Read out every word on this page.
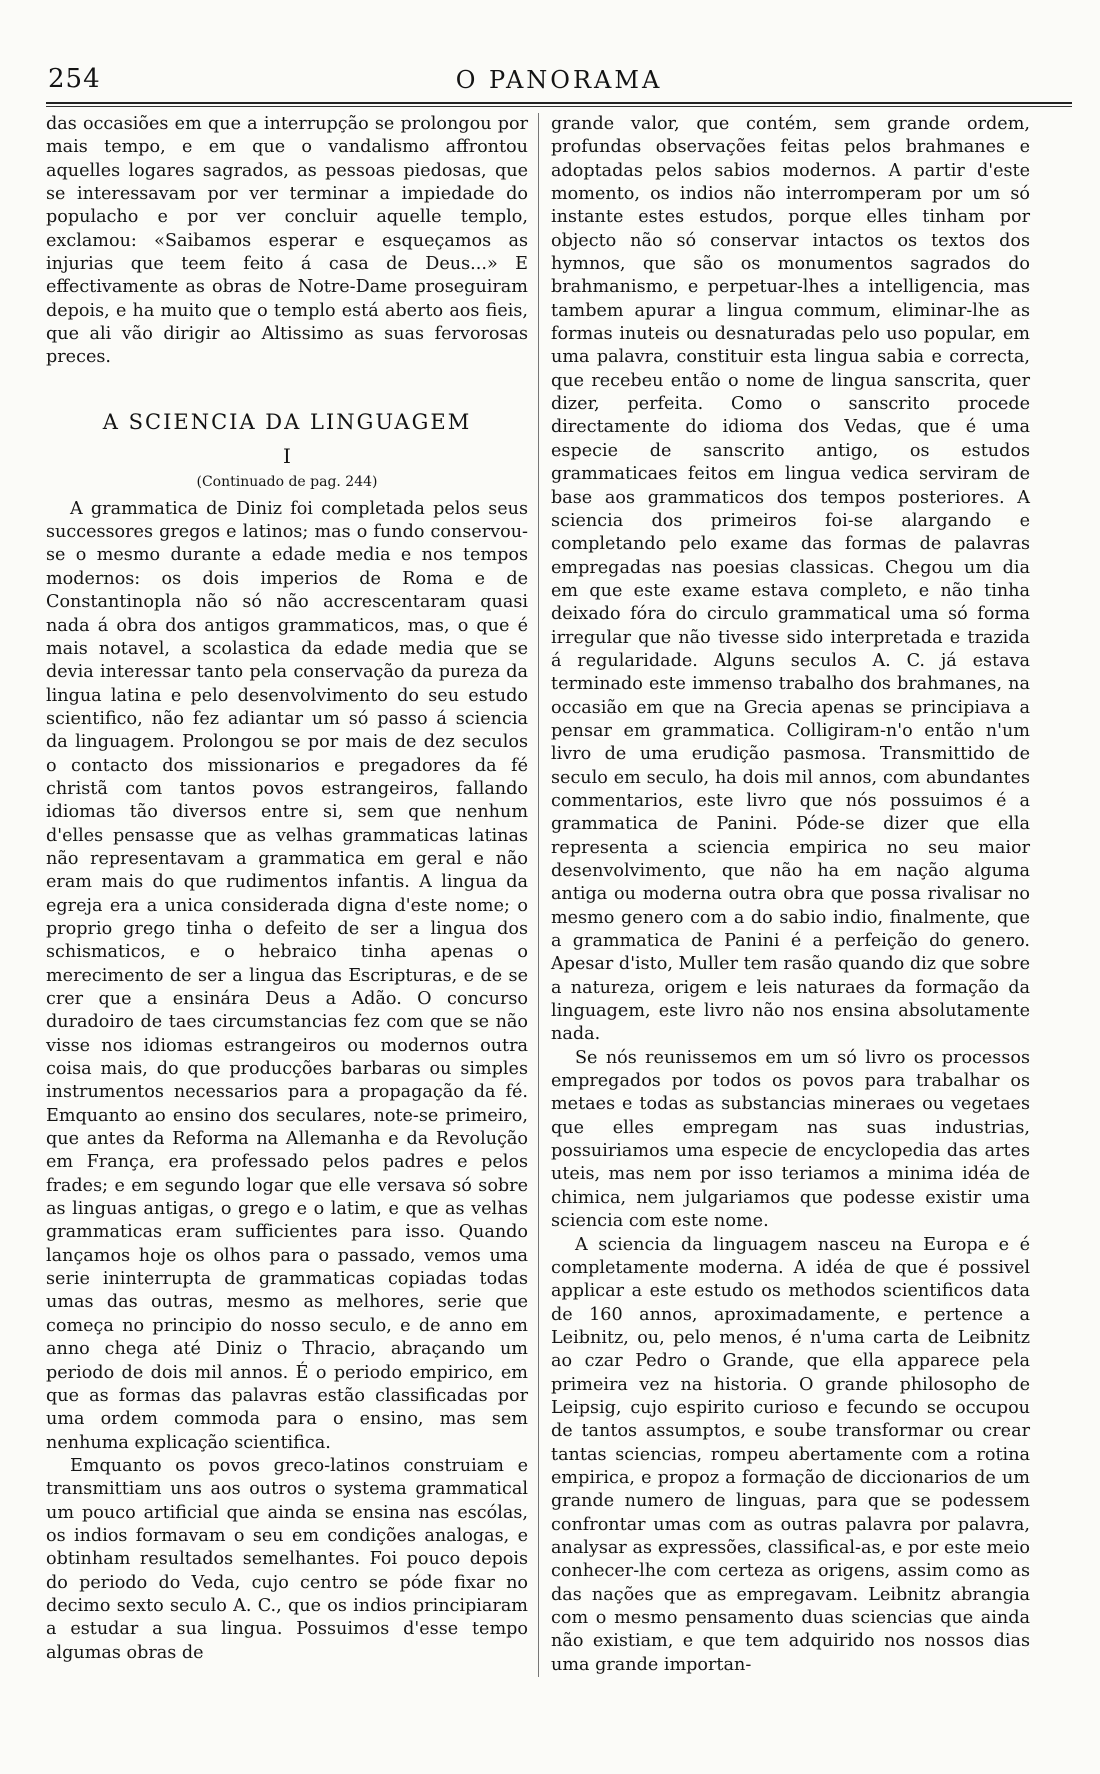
254	O PANORAMA

das occasiões em que a interrupção se prolongou por mais tempo, e em que o vandalismo affrontou aquelles logares sagrados, as pessoas piedosas, que se interessavam por ver terminar a impiedade do populacho e por ver concluir aquelle templo, exclamou: «Saibamos esperar e esqueçamos as injurias que teem feito á casa de Deus...» E effectivamente as obras de Notre-Dame proseguiram depois, e ha muito que o templo está aberto aos fieis, que ali vão dirigir ao Altissimo as suas fervorosas preces.

A SCIENCIA DA LINGUAGEM
I
(Continuado de pag. 244)

A grammatica de Diniz foi completada pelos seus successores gregos e latinos; mas o fundo conservou-se o mesmo durante a edade media e nos tempos modernos: os dois imperios de Roma e de Constantinopla não só não accrescentaram quasi nada á obra dos antigos grammaticos, mas, o que é mais notavel, a scolastica da edade media que se devia interessar tanto pela conservação da pureza da lingua latina e pelo desenvolvimento do seu estudo scientifico, não fez adiantar um só passo á sciencia da linguagem. Prolongou se por mais de dez seculos o contacto dos missionarios e pregadores da fé christã com tantos povos estrangeiros, fallando idiomas tão diversos entre si, sem que nenhum d'elles pensasse que as velhas grammaticas latinas não representavam a grammatica em geral e não eram mais do que rudimentos infantis. A lingua da egreja era a unica considerada digna d'este nome; o proprio grego tinha o defeito de ser a lingua dos schismaticos, e o hebraico tinha apenas o merecimento de ser a lingua das Escripturas, e de se crer que a ensinára Deus a Adão. O concurso duradoiro de taes circumstancias fez com que se não visse nos idiomas estrangeiros ou modernos outra coisa mais, do que producções barbaras ou simples instrumentos necessarios para a propagação da fé. Emquanto ao ensino dos seculares, note-se primeiro, que antes da Reforma na Allemanha e da Revolução em França, era professado pelos padres e pelos frades; e em segundo logar que elle versava só sobre as linguas antigas, o grego e o latim, e que as velhas grammaticas eram sufficientes para isso. Quando lançamos hoje os olhos para o passado, vemos uma serie ininterrupta de grammaticas copiadas todas umas das outras, mesmo as melhores, serie que começa no principio do nosso seculo, e de anno em anno chega até Diniz o Thracio, abraçando um periodo de dois mil annos. É o periodo empirico, em que as formas das palavras estão classificadas por uma ordem commoda para o ensino, mas sem nenhuma explicação scientifica.

Emquanto os povos greco-latinos construiam e transmittiam uns aos outros o systema grammatical um pouco artificial que ainda se ensina nas escólas, os indios formavam o seu em condições analogas, e obtinham resultados semelhantes. Foi pouco depois do periodo do Veda, cujo centro se póde fixar no decimo sexto seculo A. C., que os indios principiaram a estudar a sua lingua. Possuimos d'esse tempo algumas obras de

grande valor, que contém, sem grande ordem, profundas observações feitas pelos brahmanes e adoptadas pelos sabios modernos. A partir d'este momento, os indios não interromperam por um só instante estes estudos, porque elles tinham por objecto não só conservar intactos os textos dos hymnos, que são os monumentos sagrados do brahmanismo, e perpetuar-lhes a intelligencia, mas tambem apurar a lingua commum, eliminar-lhe as formas inuteis ou desnaturadas pelo uso popular, em uma palavra, constituir esta lingua sabia e correcta, que recebeu então o nome de lingua sanscrita, quer dizer, perfeita. Como o sanscrito procede directamente do idioma dos Vedas, que é uma especie de sanscrito antigo, os estudos grammaticaes feitos em lingua vedica serviram de base aos grammaticos dos tempos posteriores. A sciencia dos primeiros foi-se alargando e completando pelo exame das formas de palavras empregadas nas poesias classicas. Chegou um dia em que este exame estava completo, e não tinha deixado fóra do circulo grammatical uma só forma irregular que não tivesse sido interpretada e trazida á regularidade. Alguns seculos A. C. já estava terminado este immenso trabalho dos brahmanes, na occasião em que na Grecia apenas se principiava a pensar em grammatica. Colligiram-n'o então n'um livro de uma erudição pasmosa. Transmittido de seculo em seculo, ha dois mil annos, com abundantes commentarios, este livro que nós possuimos é a grammatica de Panini. Póde-se dizer que ella representa a sciencia empirica no seu maior desenvolvimento, que não ha em nação alguma antiga ou moderna outra obra que possa rivalisar no mesmo genero com a do sabio indio, finalmente, que a grammatica de Panini é a perfeição do genero. Apesar d'isto, Muller tem rasão quando diz que sobre a natureza, origem e leis naturaes da formação da linguagem, este livro não nos ensina absolutamente nada.

Se nós reunissemos em um só livro os processos empregados por todos os povos para trabalhar os metaes e todas as substancias mineraes ou vegetaes que elles empregam nas suas industrias, possuiriamos uma especie de encyclopedia das artes uteis, mas nem por isso teriamos a minima idéa de chimica, nem julgariamos que podesse existir uma sciencia com este nome.

A sciencia da linguagem nasceu na Europa e é completamente moderna. A idéa de que é possivel applicar a este estudo os methodos scientificos data de 160 annos, aproximadamente, e pertence a Leibnitz, ou, pelo menos, é n'uma carta de Leibnitz ao czar Pedro o Grande, que ella apparece pela primeira vez na historia. O grande philosopho de Leipsig, cujo espirito curioso e fecundo se occupou de tantos assumptos, e soube transformar ou crear tantas sciencias, rompeu abertamente com a rotina empirica, e propoz a formação de diccionarios de um grande numero de linguas, para que se podessem confrontar umas com as outras palavra por palavra, analysar as expressões, classifical-as, e por este meio conhecer-lhe com certeza as origens, assim como as das nações que as empregavam. Leibnitz abrangia com o mesmo pensamento duas sciencias que ainda não existiam, e que tem adquirido nos nossos dias uma grande importan-
